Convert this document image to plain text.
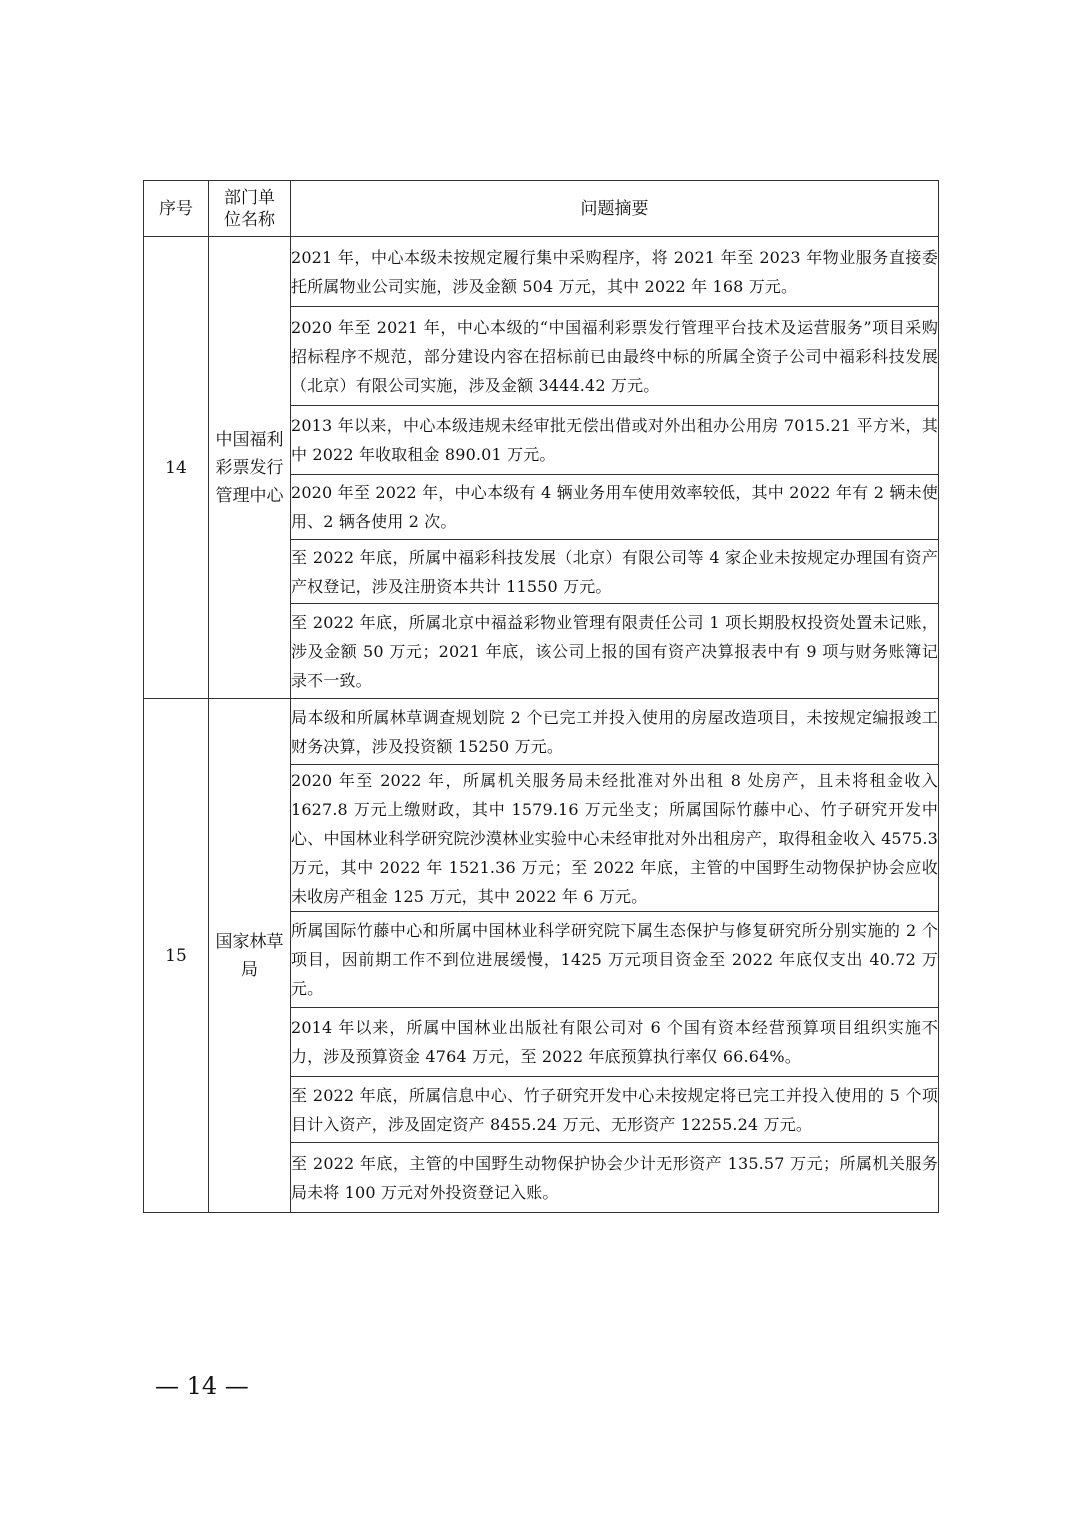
序号	部门单位名称	问题摘要
14	中国福利彩票发行管理中心	2021 年，中心本级未按规定履行集中采购程序，将 2021 年至 2023 年物业服务直接委托所属物业公司实施，涉及金额 504 万元，其中 2022 年 168 万元。
		2020 年至 2021 年，中心本级的“中国福利彩票发行管理平台技术及运营服务”项目采购招标程序不规范，部分建设内容在招标前已由最终中标的所属全资子公司中福彩科技发展（北京）有限公司实施，涉及金额 3444.42 万元。
		2013 年以来，中心本级违规未经审批无偿出借或对外出租办公用房 7015.21 平方米，其中 2022 年收取租金 890.01 万元。
		2020 年至 2022 年，中心本级有 4 辆业务用车使用效率较低，其中 2022 年有 2 辆未使用、2 辆各使用 2 次。
		至 2022 年底，所属中福彩科技发展（北京）有限公司等 4 家企业未按规定办理国有资产产权登记，涉及注册资本共计 11550 万元。
		至 2022 年底，所属北京中福益彩物业管理有限责任公司 1 项长期股权投资处置未记账，涉及金额 50 万元；2021 年底，该公司上报的国有资产决算报表中有 9 项与财务账簿记录不一致。
15	国家林草局	局本级和所属林草调查规划院 2 个已完工并投入使用的房屋改造项目，未按规定编报竣工财务决算，涉及投资额 15250 万元。
		2020 年至 2022 年，所属机关服务局未经批准对外出租 8 处房产，且未将租金收入 1627.8 万元上缴财政，其中 1579.16 万元坐支；所属国际竹藤中心、竹子研究开发中心、中国林业科学研究院沙漠林业实验中心未经审批对外出租房产，取得租金收入 4575.3 万元，其中 2022 年 1521.36 万元；至 2022 年底，主管的中国野生动物保护协会应收未收房产租金 125 万元，其中 2022 年 6 万元。
		所属国际竹藤中心和所属中国林业科学研究院下属生态保护与修复研究所分别实施的 2 个项目，因前期工作不到位进展缓慢，1425 万元项目资金至 2022 年底仅支出 40.72 万元。
		2014 年以来，所属中国林业出版社有限公司对 6 个国有资本经营预算项目组织实施不力，涉及预算资金 4764 万元，至 2022 年底预算执行率仅 66.64%。
		至 2022 年底，所属信息中心、竹子研究开发中心未按规定将已完工并投入使用的 5 个项目计入资产，涉及固定资产 8455.24 万元、无形资产 12255.24 万元。
		至 2022 年底，主管的中国野生动物保护协会少计无形资产 135.57 万元；所属机关服务局未将 100 万元对外投资登记入账。
— 14 —
